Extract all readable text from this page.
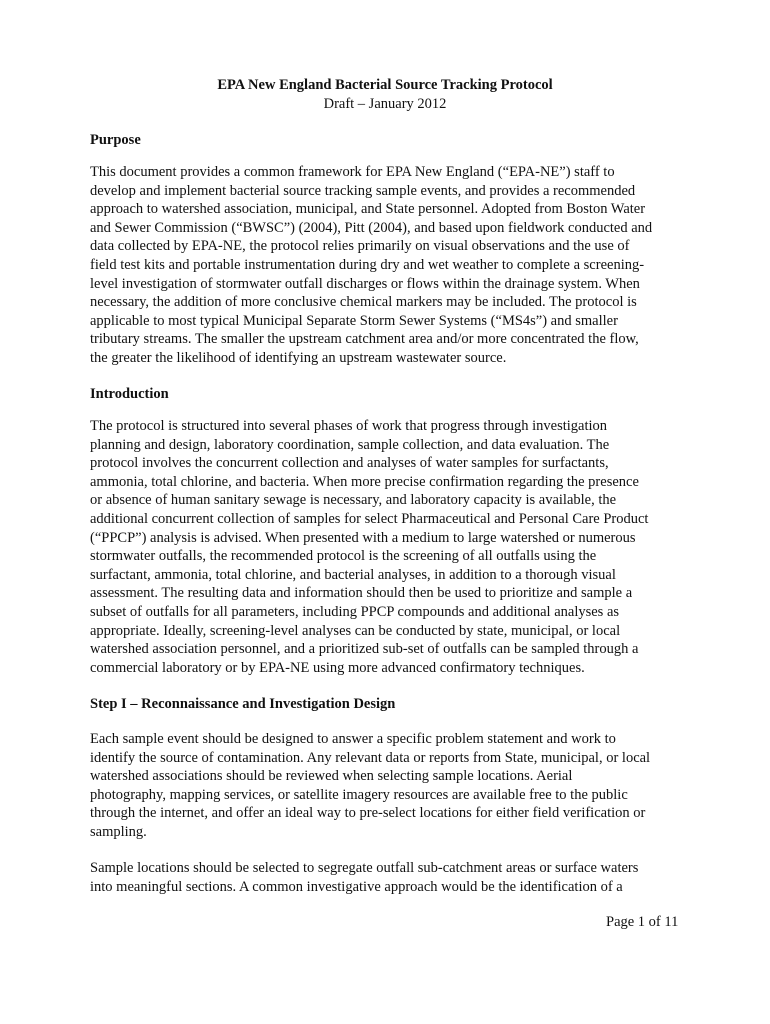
EPA New England Bacterial Source Tracking Protocol
Draft – January 2012
Purpose
This document provides a common framework for EPA New England (“EPA-NE”) staff to
develop and implement bacterial source tracking sample events, and provides a recommended
approach to watershed association, municipal, and State personnel. Adopted from Boston Water
and Sewer Commission (“BWSC”) (2004), Pitt (2004), and based upon fieldwork conducted and
data collected by EPA-NE, the protocol relies primarily on visual observations and the use of
field test kits and portable instrumentation during dry and wet weather to complete a screening-
level investigation of stormwater outfall discharges or flows within the drainage system. When
necessary, the addition of more conclusive chemical markers may be included. The protocol is
applicable to most typical Municipal Separate Storm Sewer Systems (“MS4s”) and smaller
tributary streams. The smaller the upstream catchment area and/or more concentrated the flow,
the greater the likelihood of identifying an upstream wastewater source.
Introduction
The protocol is structured into several phases of work that progress through investigation
planning and design, laboratory coordination, sample collection, and data evaluation. The
protocol involves the concurrent collection and analyses of water samples for surfactants,
ammonia, total chlorine, and bacteria. When more precise confirmation regarding the presence
or absence of human sanitary sewage is necessary, and laboratory capacity is available, the
additional concurrent collection of samples for select Pharmaceutical and Personal Care Product
(“PPCP”) analysis is advised. When presented with a medium to large watershed or numerous
stormwater outfalls, the recommended protocol is the screening of all outfalls using the
surfactant, ammonia, total chlorine, and bacterial analyses, in addition to a thorough visual
assessment. The resulting data and information should then be used to prioritize and sample a
subset of outfalls for all parameters, including PPCP compounds and additional analyses as
appropriate. Ideally, screening-level analyses can be conducted by state, municipal, or local
watershed association personnel, and a prioritized sub-set of outfalls can be sampled through a
commercial laboratory or by EPA-NE using more advanced confirmatory techniques.
Step I – Reconnaissance and Investigation Design
Each sample event should be designed to answer a specific problem statement and work to
identify the source of contamination. Any relevant data or reports from State, municipal, or local
watershed associations should be reviewed when selecting sample locations. Aerial
photography, mapping services, or satellite imagery resources are available free to the public
through the internet, and offer an ideal way to pre-select locations for either field verification or
sampling.
Sample locations should be selected to segregate outfall sub-catchment areas or surface waters
into meaningful sections. A common investigative approach would be the identification of a
Page 1 of 11
